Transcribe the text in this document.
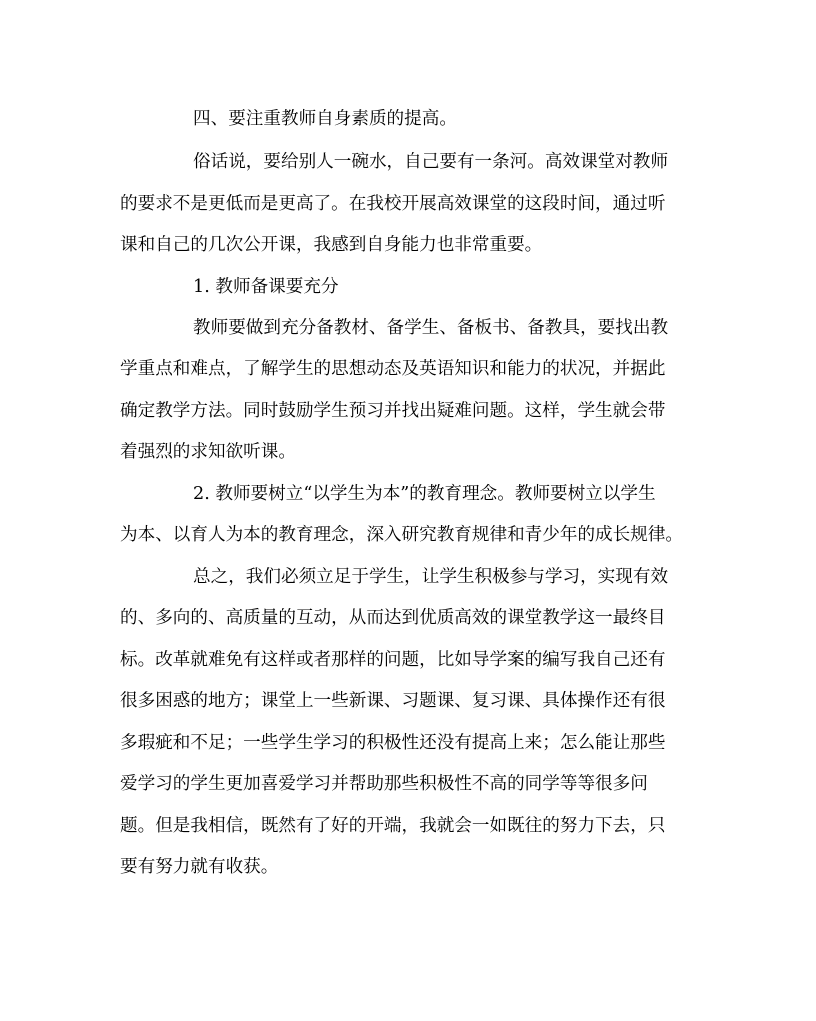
四、要注重教师自身素质的提高。

俗话说，要给别人一碗水，自己要有一条河。高效课堂对教师

的要求不是更低而是更高了。在我校开展高效课堂的这段时间，通过听

课和自己的几次公开课，我感到自身能力也非常重要。

1. 教师备课要充分

教师要做到充分备教材、备学生、备板书、备教具，要找出教

学重点和难点，了解学生的思想动态及英语知识和能力的状况，并据此

确定教学方法。同时鼓励学生预习并找出疑难问题。这样，学生就会带

着强烈的求知欲听课。

2. 教师要树立“以学生为本”的教育理念。教师要树立以学生

为本、以育人为本的教育理念，深入研究教育规律和青少年的成长规律。

总之，我们必须立足于学生，让学生积极参与学习，实现有效

的、多向的、高质量的互动，从而达到优质高效的课堂教学这一最终目

标。改革就难免有这样或者那样的问题，比如导学案的编写我自己还有

很多困惑的地方；课堂上一些新课、习题课、复习课、具体操作还有很

多瑕疵和不足；一些学生学习的积极性还没有提高上来；怎么能让那些

爱学习的学生更加喜爱学习并帮助那些积极性不高的同学等等很多问

题。但是我相信，既然有了好的开端，我就会一如既往的努力下去，只

要有努力就有收获。
